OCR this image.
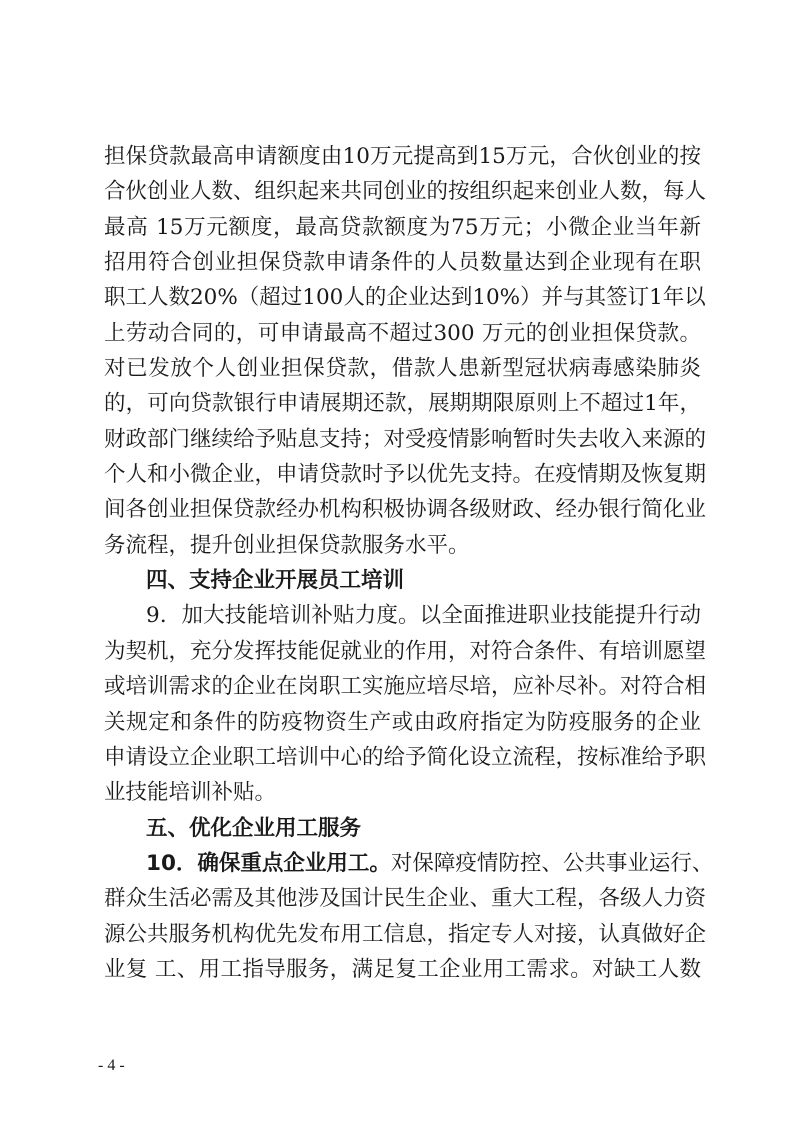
担保贷款最高申请额度由10万元提高到15万元，合伙创业的按
合伙创业人数、组织起来共同创业的按组织起来创业人数，每人
最高 15万元额度，最高贷款额度为75万元；小微企业当年新
招用符合创业担保贷款申请条件的人员数量达到企业现有在职
职工人数20%（超过100人的企业达到10%）并与其签订1年以
上劳动合同的，可申请最高不超过300 万元的创业担保贷款。
对已发放个人创业担保贷款，借款人患新型冠状病毒感染肺炎
的，可向贷款银行申请展期还款，展期期限原则上不超过1年，
财政部门继续给予贴息支持；对受疫情影响暂时失去收入来源的
个人和小微企业，申请贷款时予以优先支持。在疫情期及恢复期
间各创业担保贷款经办机构积极协调各级财政、经办银行简化业
务流程，提升创业担保贷款服务水平。
四、支持企业开展员工培训
9．加大技能培训补贴力度。以全面推进职业技能提升行动
为契机，充分发挥技能促就业的作用，对符合条件、有培训愿望
或培训需求的企业在岗职工实施应培尽培，应补尽补。对符合相
关规定和条件的防疫物资生产或由政府指定为防疫服务的企业
申请设立企业职工培训中心的给予简化设立流程，按标准给予职
业技能培训补贴。
五、优化企业用工服务
10．确保重点企业用工。对保障疫情防控、公共事业运行、
群众生活必需及其他涉及国计民生企业、重大工程，各级人力资
源公共服务机构优先发布用工信息，指定专人对接，认真做好企
业复 工、用工指导服务，满足复工企业用工需求。对缺工人数
- 4 -
